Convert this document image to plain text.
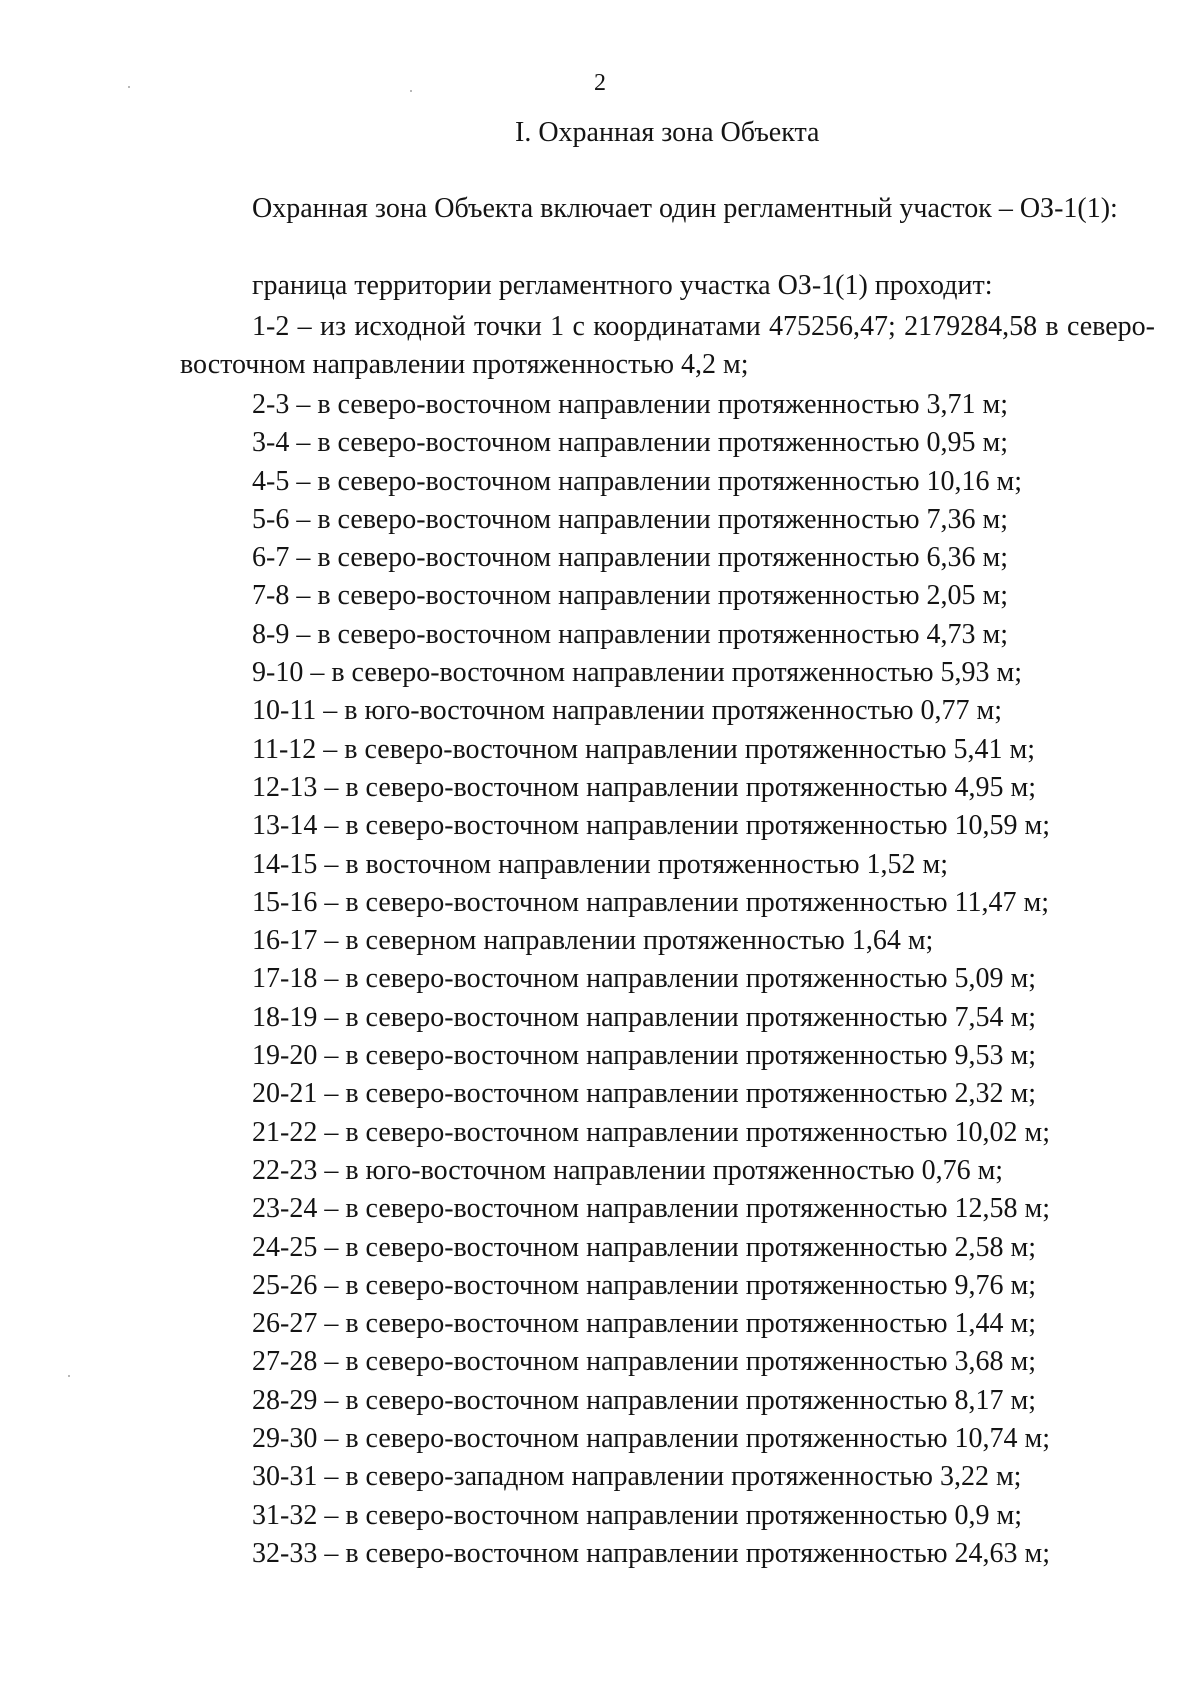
2
I. Охранная зона Объекта

Охранная зона Объекта включает один регламентный участок – ОЗ-1(1):

граница территории регламентного участка ОЗ-1(1) проходит:

1-2 – из исходной точки 1 с координатами 475256,47; 2179284,58 в северо-восточном направлении протяженностью 4,2 м;

2-3 – в северо-восточном направлении протяженностью 3,71 м;
3-4 – в северо-восточном направлении протяженностью 0,95 м;
4-5 – в северо-восточном направлении протяженностью 10,16 м;
5-6 – в северо-восточном направлении протяженностью 7,36 м;
6-7 – в северо-восточном направлении протяженностью 6,36 м;
7-8 – в северо-восточном направлении протяженностью 2,05 м;
8-9 – в северо-восточном направлении протяженностью 4,73 м;
9-10 – в северо-восточном направлении протяженностью 5,93 м;
10-11 – в юго-восточном направлении протяженностью 0,77 м;
11-12 – в северо-восточном направлении протяженностью 5,41 м;
12-13 – в северо-восточном направлении протяженностью 4,95 м;
13-14 – в северо-восточном направлении протяженностью 10,59 м;
14-15 – в восточном направлении протяженностью 1,52 м;
15-16 – в северо-восточном направлении протяженностью 11,47 м;
16-17 – в северном направлении протяженностью 1,64 м;
17-18 – в северо-восточном направлении протяженностью 5,09 м;
18-19 – в северо-восточном направлении протяженностью 7,54 м;
19-20 – в северо-восточном направлении протяженностью 9,53 м;
20-21 – в северо-восточном направлении протяженностью 2,32 м;
21-22 – в северо-восточном направлении протяженностью 10,02 м;
22-23 – в юго-восточном направлении протяженностью 0,76 м;
23-24 – в северо-восточном направлении протяженностью 12,58 м;
24-25 – в северо-восточном направлении протяженностью 2,58 м;
25-26 – в северо-восточном направлении протяженностью 9,76 м;
26-27 – в северо-восточном направлении протяженностью 1,44 м;
27-28 – в северо-восточном направлении протяженностью 3,68 м;
28-29 – в северо-восточном направлении протяженностью 8,17 м;
29-30 – в северо-восточном направлении протяженностью 10,74 м;
30-31 – в северо-западном направлении протяженностью 3,22 м;
31-32 – в северо-восточном направлении протяженностью 0,9 м;
32-33 – в северо-восточном направлении протяженностью 24,63 м;
